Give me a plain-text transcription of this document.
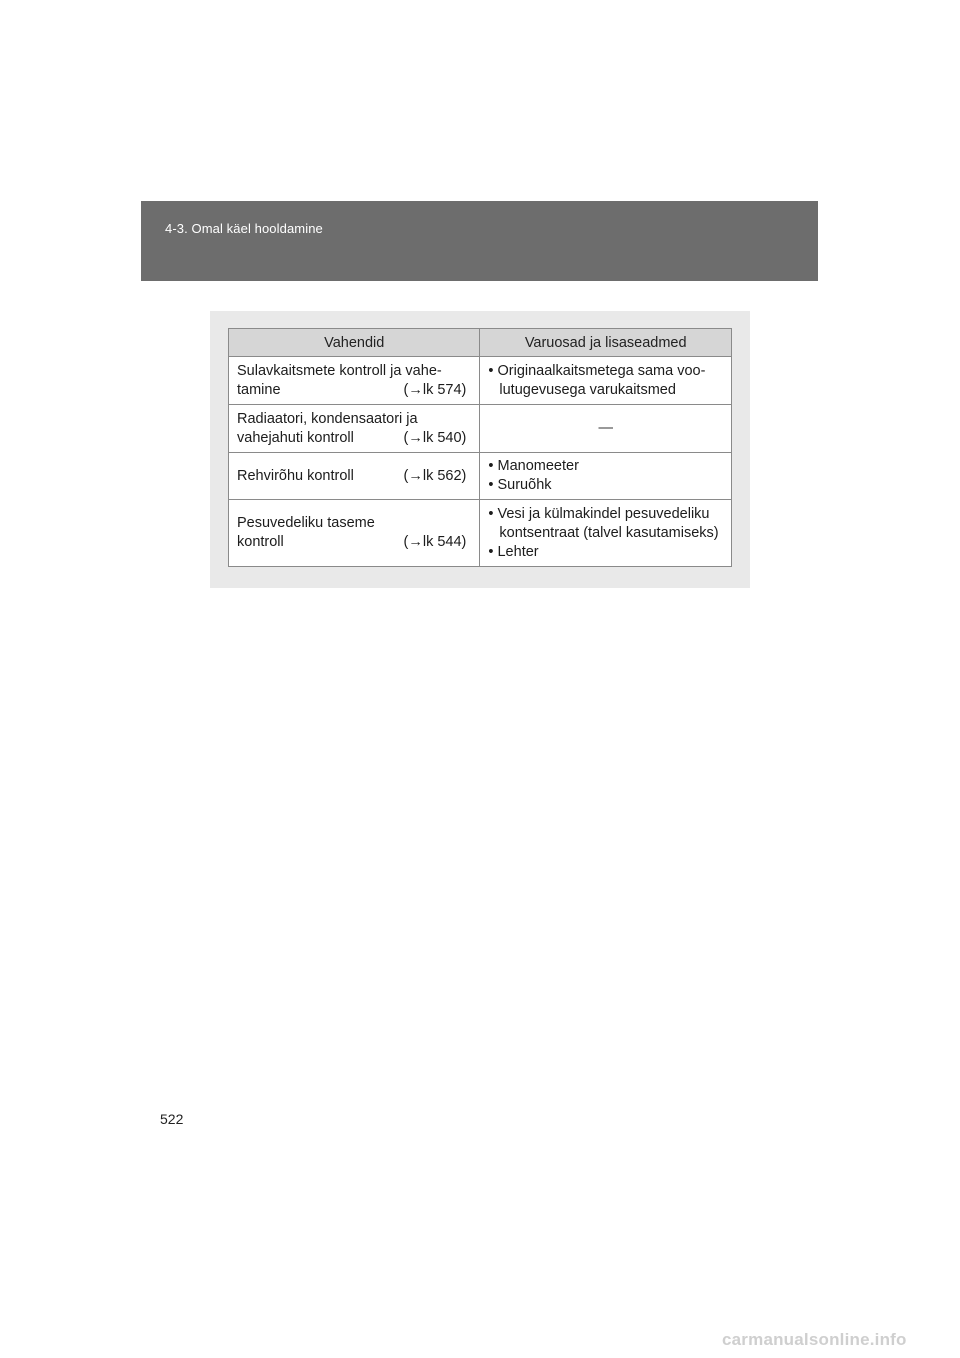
4-3. Omal käel hooldamine
Vahendid	Varuosad ja lisaseadmed

Sulavkaitsmete kontroll ja vahe-
tamine (→lk 574)	• Originaalkaitsmetega sama voo-lutugevusega varukaitsmed

Radiaatori, kondensaatori ja
vahejahuti kontroll (→lk 540)	—

Rehvirõhu kontroll (→lk 562)	• Manomeeter
• Suruõhk

Pesuvedeliku taseme
kontroll (→lk 544)	• Vesi ja külmakindel pesuvedeliku kontsentraat (talvel kasutamiseks)
• Lehter
522
carmanualsonline.info
